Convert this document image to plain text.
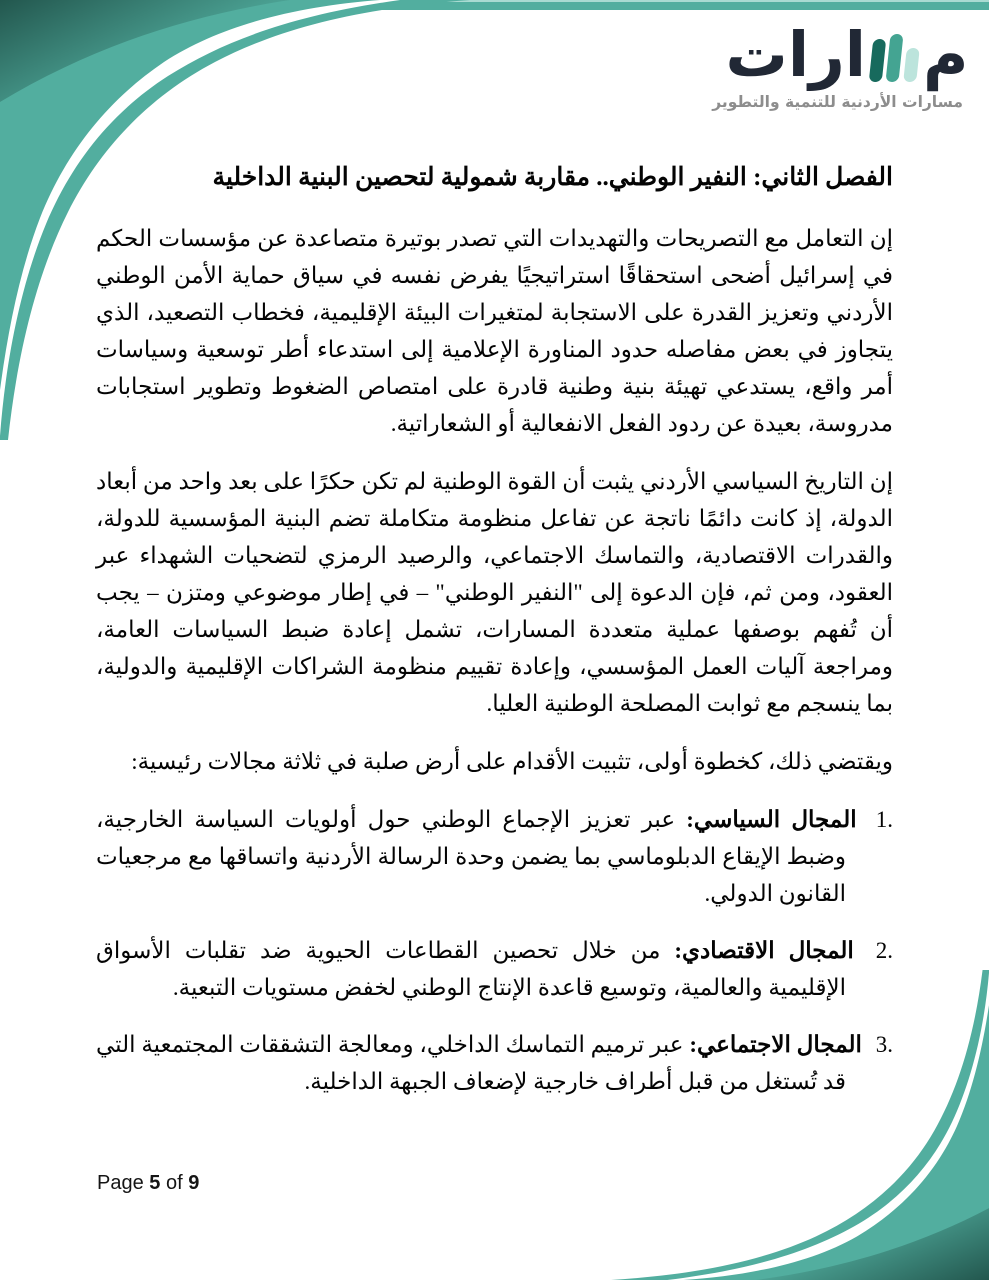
م
ارات
مسارات الأردنية للتنمية والتطوير
الفصل الثاني: النفير الوطني.. مقاربة شمولية لتحصين البنية الداخلية

إن التعامل مع التصريحات والتهديدات التي تصدر بوتيرة متصاعدة عن مؤسسات الحكم في إسرائيل أضحى استحقاقًا استراتيجيًا يفرض نفسه في سياق حماية الأمن الوطني الأردني وتعزيز القدرة على الاستجابة لمتغيرات البيئة الإقليمية، فخطاب التصعيد، الذي يتجاوز في بعض مفاصله حدود المناورة الإعلامية إلى استدعاء أطر توسعية وسياسات أمر واقع، يستدعي تهيئة بنية وطنية قادرة على امتصاص الضغوط وتطوير استجابات مدروسة، بعيدة عن ردود الفعل الانفعالية أو الشعاراتية.

إن التاريخ السياسي الأردني يثبت أن القوة الوطنية لم تكن حكرًا على بعد واحد من أبعاد الدولة، إذ كانت دائمًا ناتجة عن تفاعل منظومة متكاملة تضم البنية المؤسسية للدولة، والقدرات الاقتصادية، والتماسك الاجتماعي، والرصيد الرمزي لتضحيات الشهداء عبر العقود، ومن ثم، فإن الدعوة إلى "النفير الوطني" – في إطار موضوعي ومتزن – يجب أن تُفهم بوصفها عملية متعددة المسارات، تشمل إعادة ضبط السياسات العامة، ومراجعة آليات العمل المؤسسي، وإعادة تقييم منظومة الشراكات الإقليمية والدولية، بما ينسجم مع ثوابت المصلحة الوطنية العليا.

ويقتضي ذلك، كخطوة أولى، تثبيت الأقدام على أرض صلبة في ثلاثة مجالات رئيسية:

1. المجال السياسي: عبر تعزيز الإجماع الوطني حول أولويات السياسة الخارجية، وضبط الإيقاع الدبلوماسي بما يضمن وحدة الرسالة الأردنية واتساقها مع مرجعيات القانون الدولي.
2. المجال الاقتصادي: من خلال تحصين القطاعات الحيوية ضد تقلبات الأسواق الإقليمية والعالمية، وتوسيع قاعدة الإنتاج الوطني لخفض مستويات التبعية.
3. المجال الاجتماعي: عبر ترميم التماسك الداخلي، ومعالجة التشققات المجتمعية التي قد تُستغل من قبل أطراف خارجية لإضعاف الجبهة الداخلية.
Page 5 of 9
